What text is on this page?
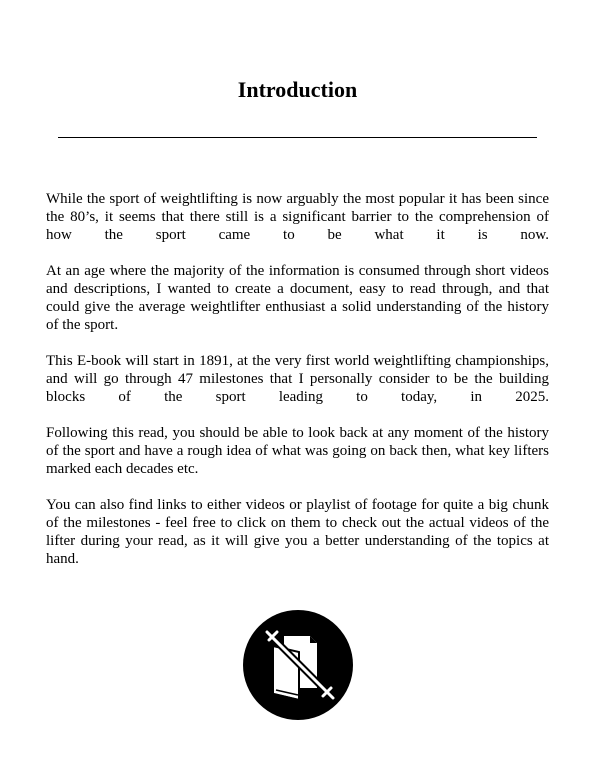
Introduction

While the sport of weightlifting is now arguably the most popular it has been since the 80’s, it seems that there still is a significant barrier to the comprehension of how the sport came to be what it is now.

At an age where the majority of the information is consumed through short videos and descriptions, I wanted to create a document, easy to read through, and that could give the average weightlifter enthusiast a solid understanding of the history of the sport.

This E-book will start in 1891, at the very first world weightlifting championships, and will go through 47 milestones that I personally consider to be the building blocks of the sport leading to today, in 2025.

Following this read, you should be able to look back at any moment of the history of the sport and have a rough idea of what was going on back then, what key lifters marked each decades etc.

You can also find links to either videos or playlist of footage for quite a big chunk of the milestones - feel free to click on them to check out the actual videos of the lifter during your read, as it will give you a better understanding of the topics at hand.
